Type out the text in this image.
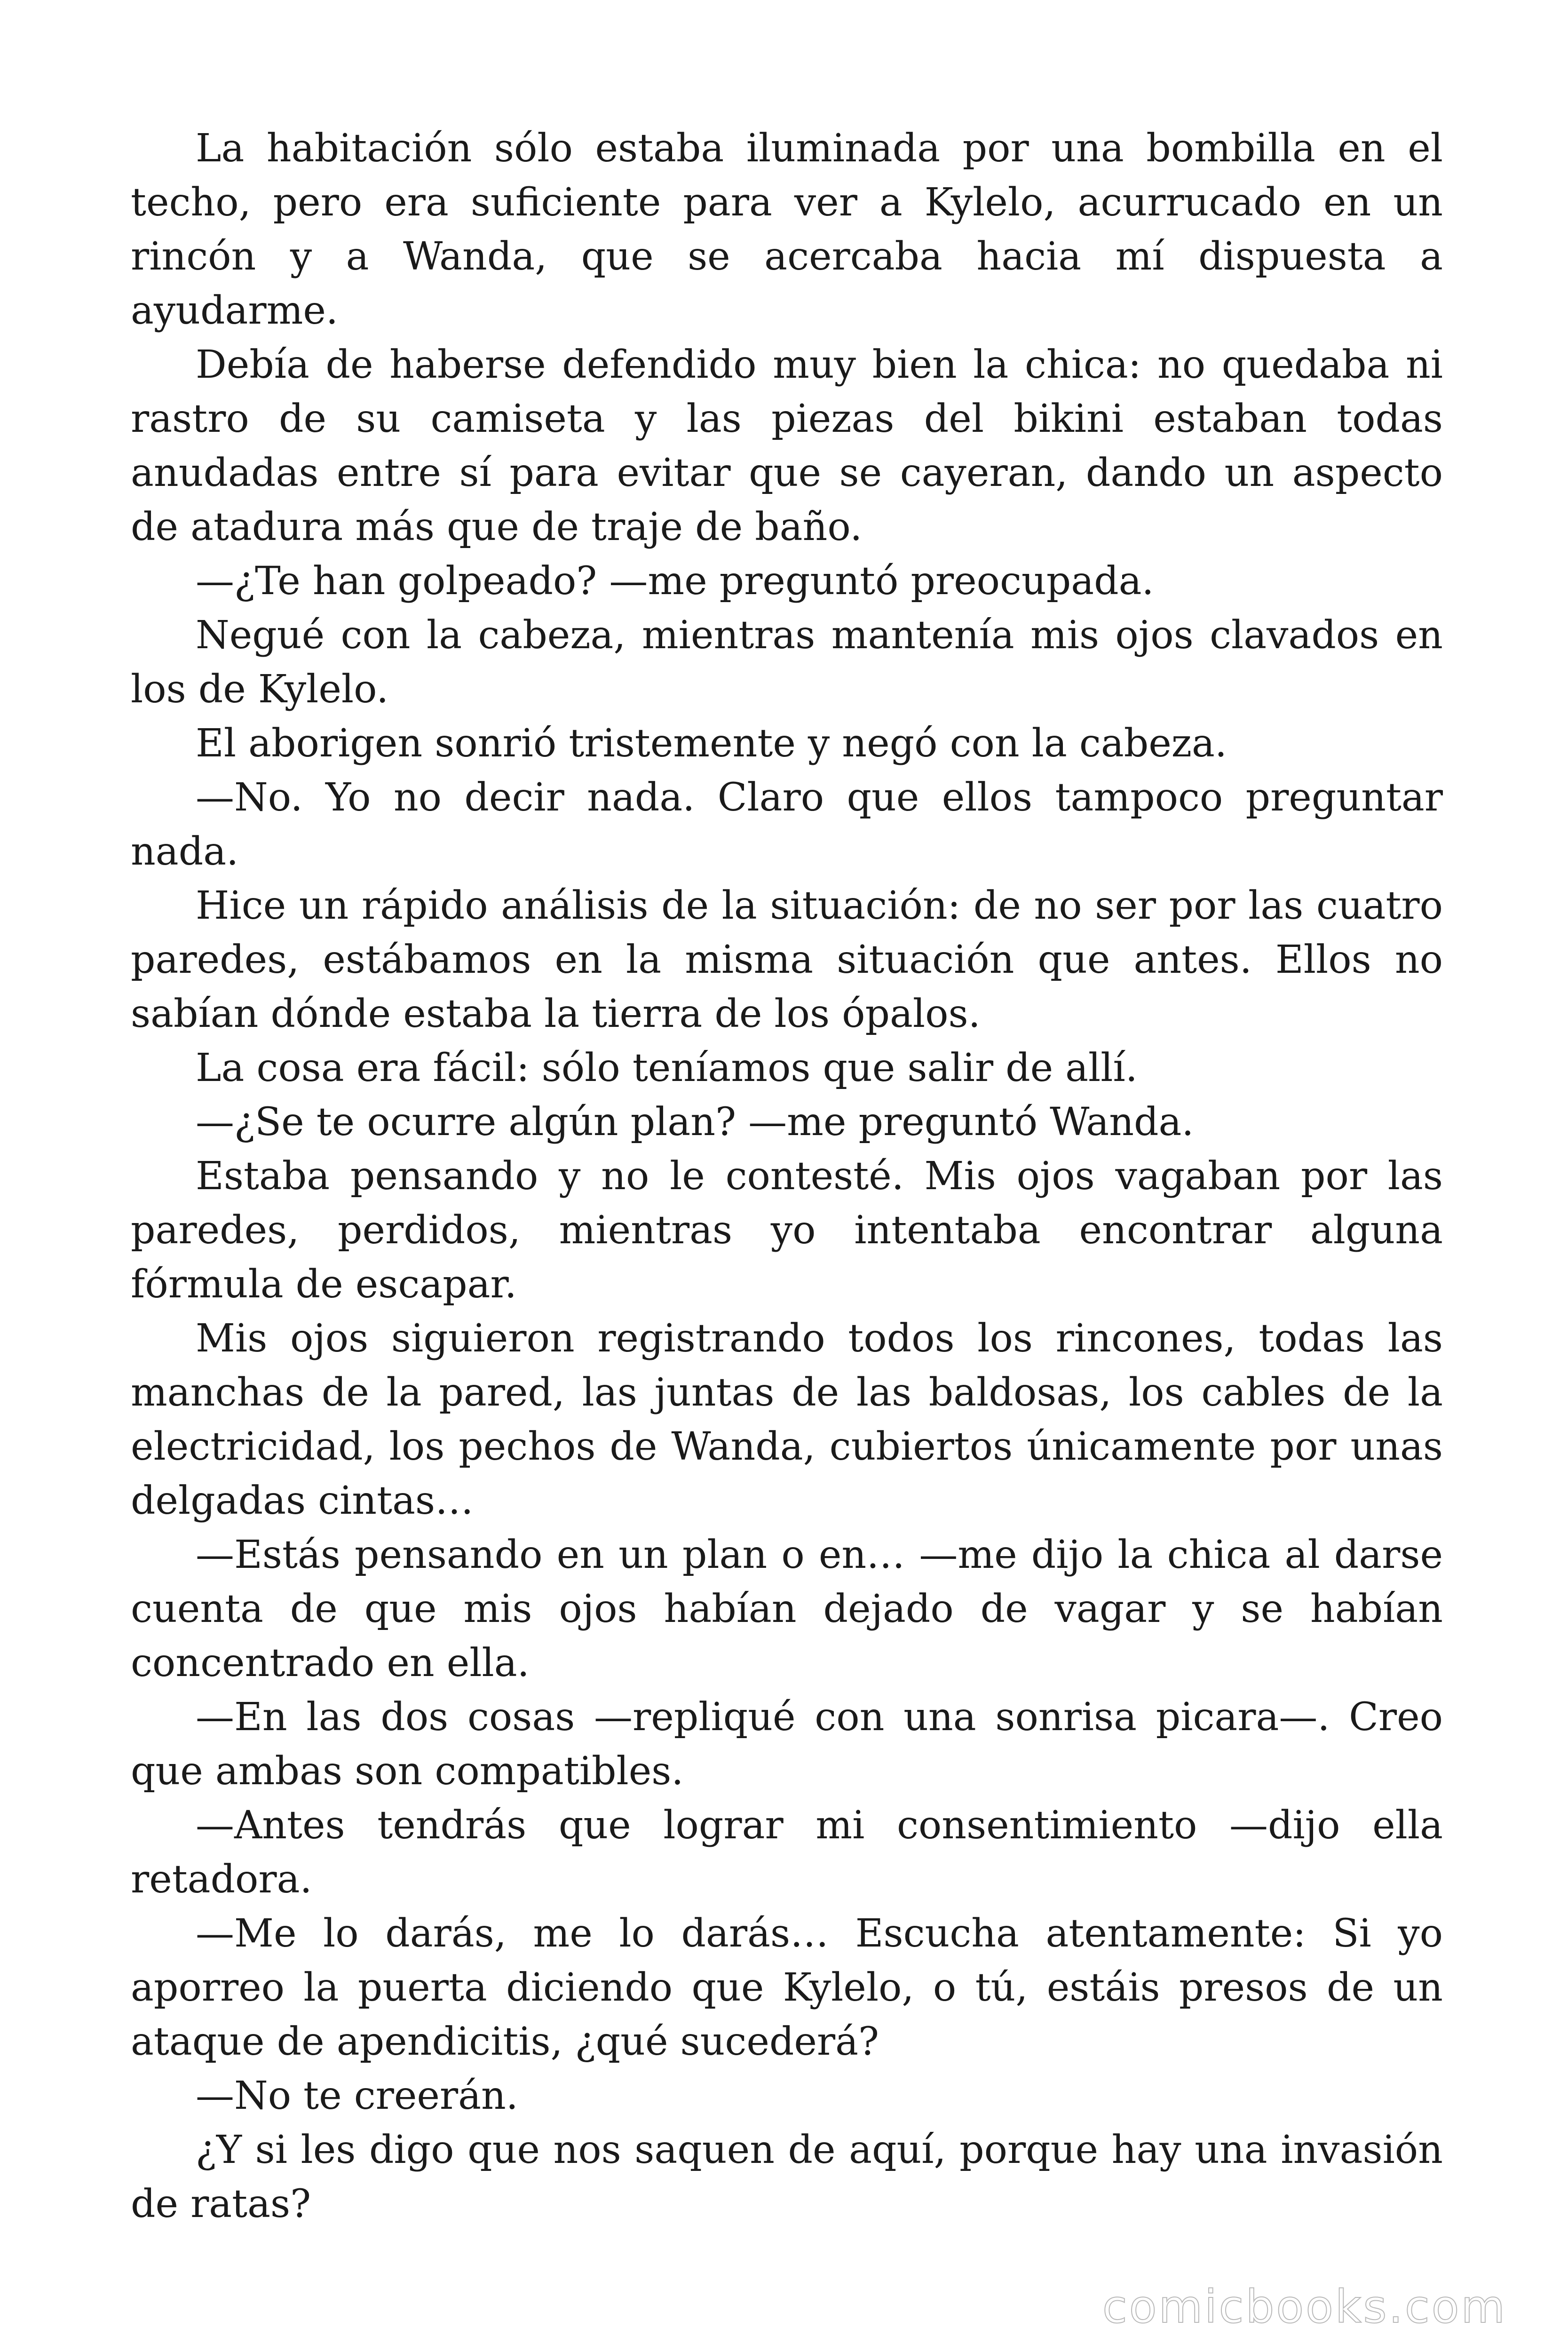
La habitación sólo estaba iluminada por una bombilla en el techo, pero era suficiente para ver a Kylelo, acurrucado en un rincón y a Wanda, que se acercaba hacia mí dispuesta a ayudarme.

Debía de haberse defendido muy bien la chica: no quedaba ni rastro de su camiseta y las piezas del bikini estaban todas anudadas entre sí para evitar que se cayeran, dando un aspecto de atadura más que de traje de baño.

—¿Te han golpeado? —me preguntó preocupada.

Negué con la cabeza, mientras mantenía mis ojos clavados en los de Kylelo.

El aborigen sonrió tristemente y negó con la cabeza.

—No. Yo no decir nada. Claro que ellos tampoco preguntar nada.

Hice un rápido análisis de la situación: de no ser por las cuatro paredes, estábamos en la misma situación que antes. Ellos no sabían dónde estaba la tierra de los ópalos.

La cosa era fácil: sólo teníamos que salir de allí.

—¿Se te ocurre algún plan? —me preguntó Wanda.

Estaba pensando y no le contesté. Mis ojos vagaban por las paredes, perdidos, mientras yo intentaba encontrar alguna fórmula de escapar.

Mis ojos siguieron registrando todos los rincones, todas las manchas de la pared, las juntas de las baldosas, los cables de la electricidad, los pechos de Wanda, cubiertos únicamente por unas delgadas cintas…

—Estás pensando en un plan o en… —me dijo la chica al darse cuenta de que mis ojos habían dejado de vagar y se habían concentrado en ella.

—En las dos cosas —repliqué con una sonrisa picara—. Creo que ambas son compatibles.

—Antes tendrás que lograr mi consentimiento —dijo ella retadora.

—Me lo darás, me lo darás… Escucha atentamente: Si yo aporreo la puerta diciendo que Kylelo, o tú, estáis presos de un ataque de apendicitis, ¿qué sucederá?

—No te creerán.

¿Y si les digo que nos saquen de aquí, porque hay una invasión de ratas?

comicbooks.com
